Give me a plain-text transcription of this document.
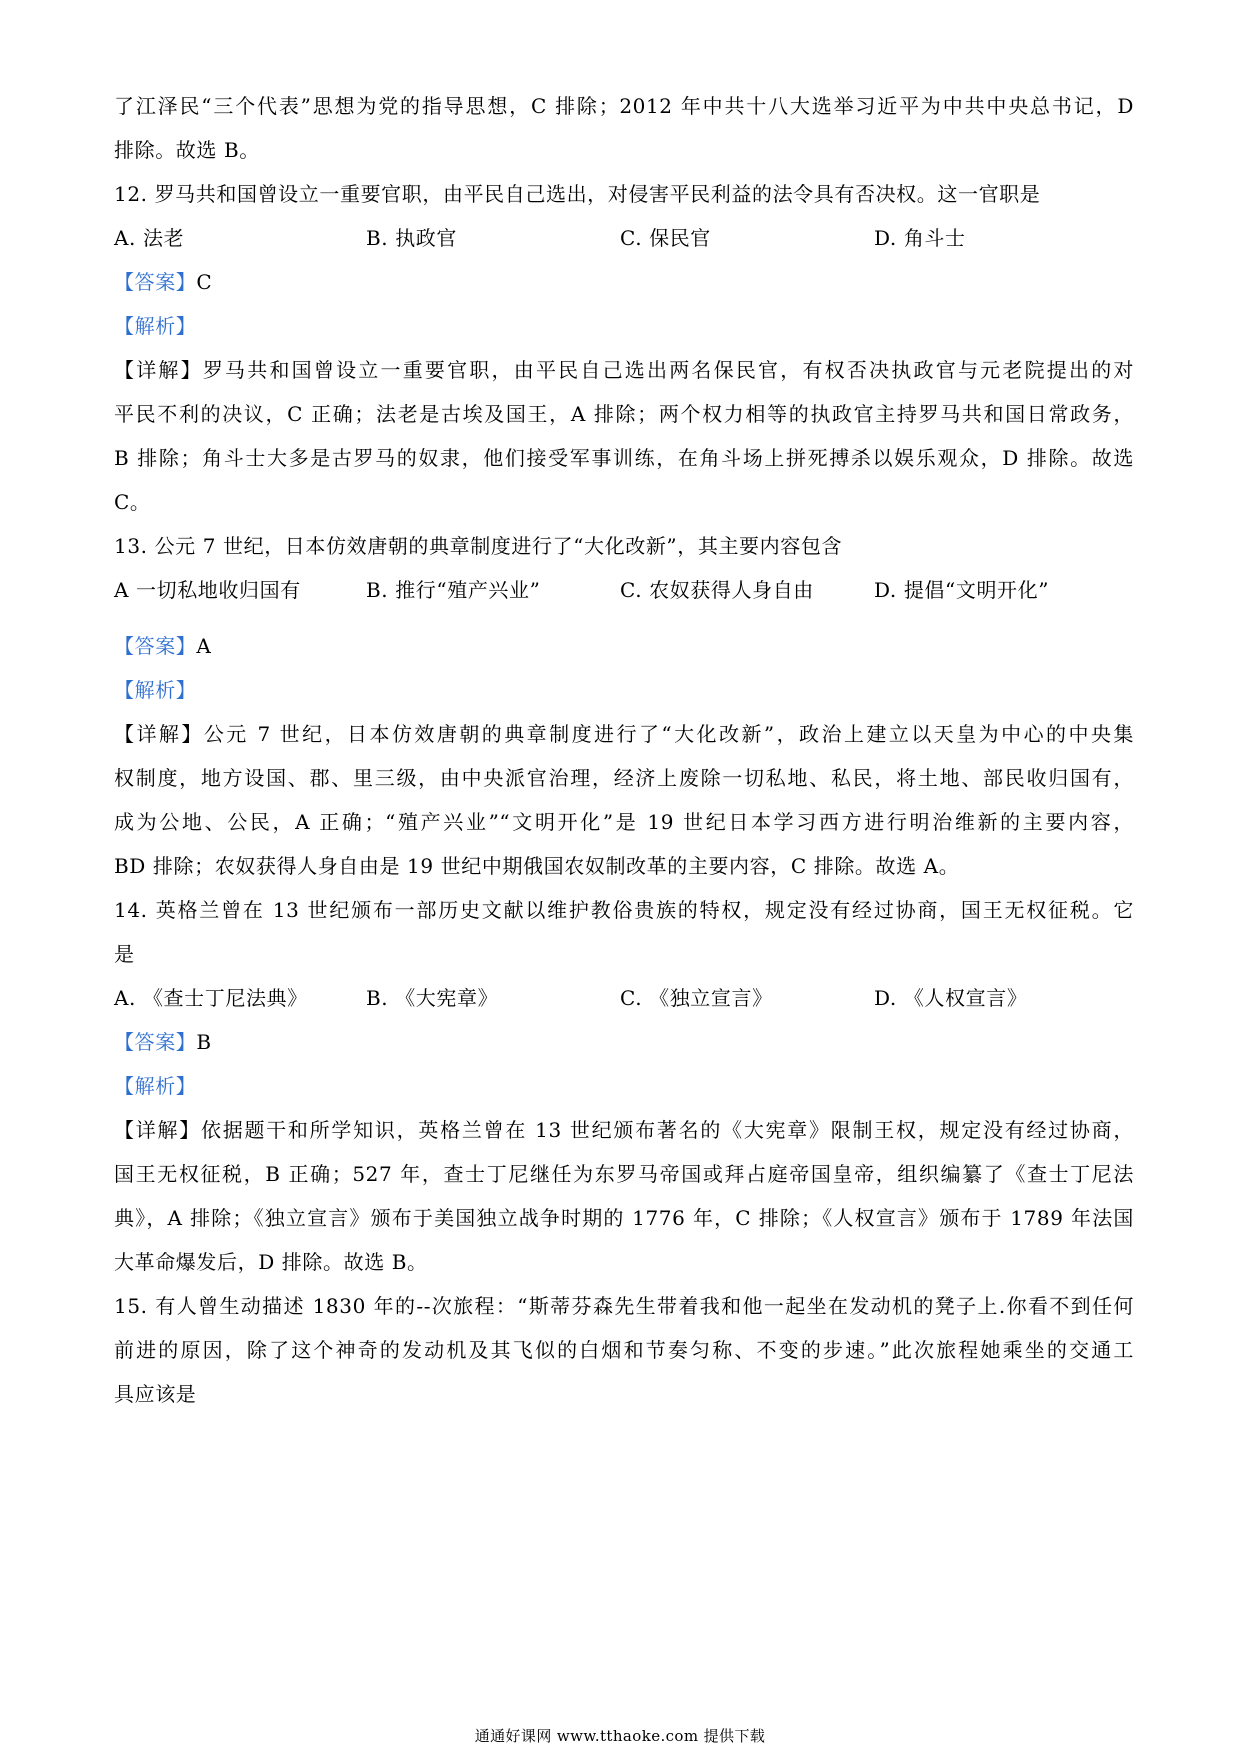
了江泽民“三个代表”思想为党的指导思想，C 排除；2012 年中共十八大选举习近平为中共中央总书记，D
排除。故选 B。
12. 罗马共和国曾设立一重要官职，由平民自己选出，对侵害平民利益的法令具有否决权。这一官职是
A. 法老	B. 执政官	C. 保民官	D. 角斗士
【答案】C
【解析】
【详解】罗马共和国曾设立一重要官职，由平民自己选出两名保民官，有权否决执政官与元老院提出的对
平民不利的决议，C 正确；法老是古埃及国王，A 排除；两个权力相等的执政官主持罗马共和国日常政务，
B 排除；角斗士大多是古罗马的奴隶，他们接受军事训练，在角斗场上拼死搏杀以娱乐观众，D 排除。故选
C。
13. 公元 7 世纪，日本仿效唐朝的典章制度进行了“大化改新”，其主要内容包含
A 一切私地收归国有	B. 推行“殖产兴业”	C. 农奴获得人身自由	D. 提倡“文明开化”
【答案】A
【解析】
【详解】公元 7 世纪，日本仿效唐朝的典章制度进行了“大化改新”，政治上建立以天皇为中心的中央集
权制度，地方设国、郡、里三级，由中央派官治理，经济上废除一切私地、私民，将土地、部民收归国有，
成为公地、公民，A 正确；“殖产兴业”“文明开化”是 19 世纪日本学习西方进行明治维新的主要内容，
BD 排除；农奴获得人身自由是 19 世纪中期俄国农奴制改革的主要内容，C 排除。故选 A。
14. 英格兰曾在 13 世纪颁布一部历史文献以维护教俗贵族的特权，规定没有经过协商，国王无权征税。它
是
A. 《查士丁尼法典》	B. 《大宪章》	C. 《独立宣言》	D. 《人权宣言》
【答案】B
【解析】
【详解】依据题干和所学知识，英格兰曾在 13 世纪颁布著名的《大宪章》限制王权，规定没有经过协商，
国王无权征税，B 正确；527 年，查士丁尼继任为东罗马帝国或拜占庭帝国皇帝，组织编纂了《查士丁尼法
典》，A 排除；《独立宣言》颁布于美国独立战争时期的 1776 年，C 排除；《人权宣言》颁布于 1789 年法国
大革命爆发后，D 排除。故选 B。
15. 有人曾生动描述 1830 年的--次旅程：“斯蒂芬森先生带着我和他一起坐在发动机的凳子上.你看不到任何
前进的原因，除了这个神奇的发动机及其飞似的白烟和节奏匀称、不变的步速。”此次旅程她乘坐的交通工
具应该是
通通好课网 www.tthaoke.com 提供下载
